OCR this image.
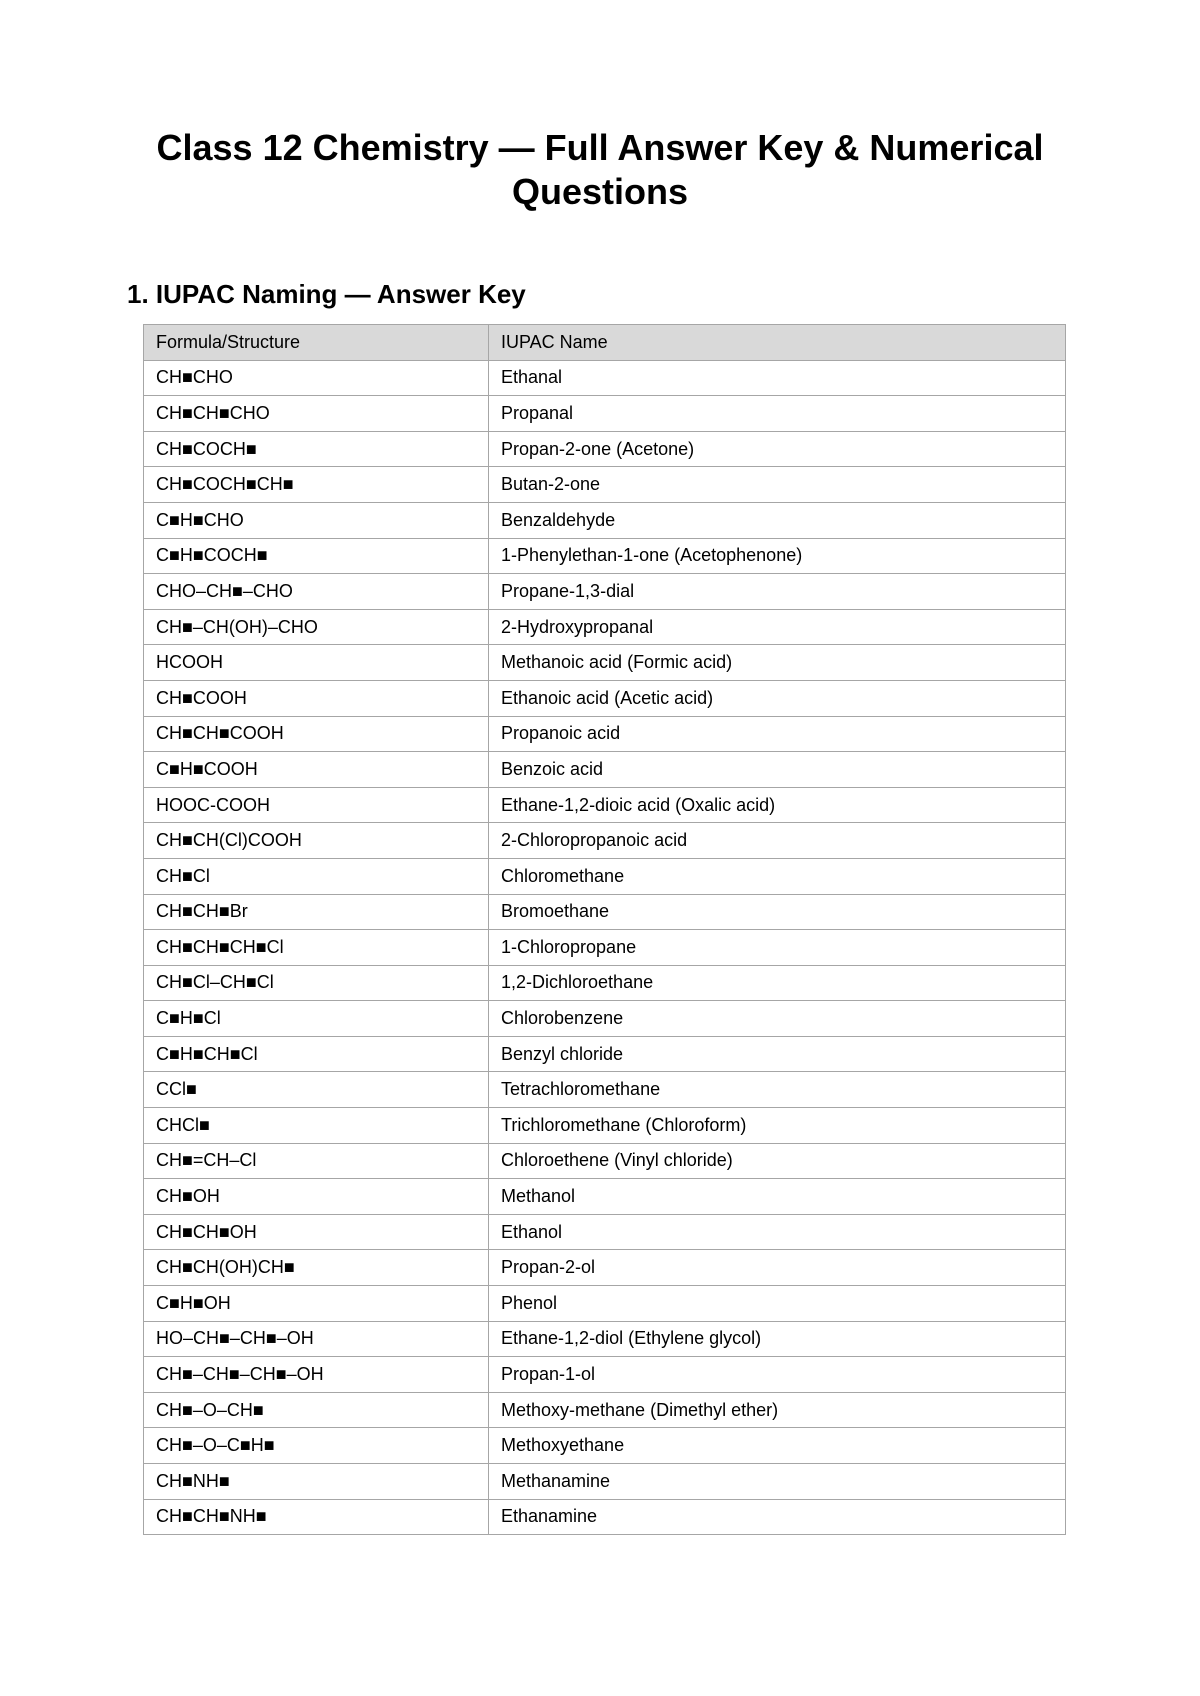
Class 12 Chemistry — Full Answer Key & Numerical Questions
1. IUPAC Naming — Answer Key
Formula/Structure	IUPAC Name
CH■CHO	Ethanal
CH■CH■CHO	Propanal
CH■COCH■	Propan-2-one (Acetone)
CH■COCH■CH■	Butan-2-one
C■H■CHO	Benzaldehyde
C■H■COCH■	1-Phenylethan-1-one (Acetophenone)
CHO–CH■–CHO	Propane-1,3-dial
CH■–CH(OH)–CHO	2-Hydroxypropanal
HCOOH	Methanoic acid (Formic acid)
CH■COOH	Ethanoic acid (Acetic acid)
CH■CH■COOH	Propanoic acid
C■H■COOH	Benzoic acid
HOOC-COOH	Ethane-1,2-dioic acid (Oxalic acid)
CH■CH(Cl)COOH	2-Chloropropanoic acid
CH■Cl	Chloromethane
CH■CH■Br	Bromoethane
CH■CH■CH■Cl	1-Chloropropane
CH■Cl–CH■Cl	1,2-Dichloroethane
C■H■Cl	Chlorobenzene
C■H■CH■Cl	Benzyl chloride
CCl■	Tetrachloromethane
CHCl■	Trichloromethane (Chloroform)
CH■=CH–Cl	Chloroethene (Vinyl chloride)
CH■OH	Methanol
CH■CH■OH	Ethanol
CH■CH(OH)CH■	Propan-2-ol
C■H■OH	Phenol
HO–CH■–CH■–OH	Ethane-1,2-diol (Ethylene glycol)
CH■–CH■–CH■–OH	Propan-1-ol
CH■–O–CH■	Methoxy-methane (Dimethyl ether)
CH■–O–C■H■	Methoxyethane
CH■NH■	Methanamine
CH■CH■NH■	Ethanamine
